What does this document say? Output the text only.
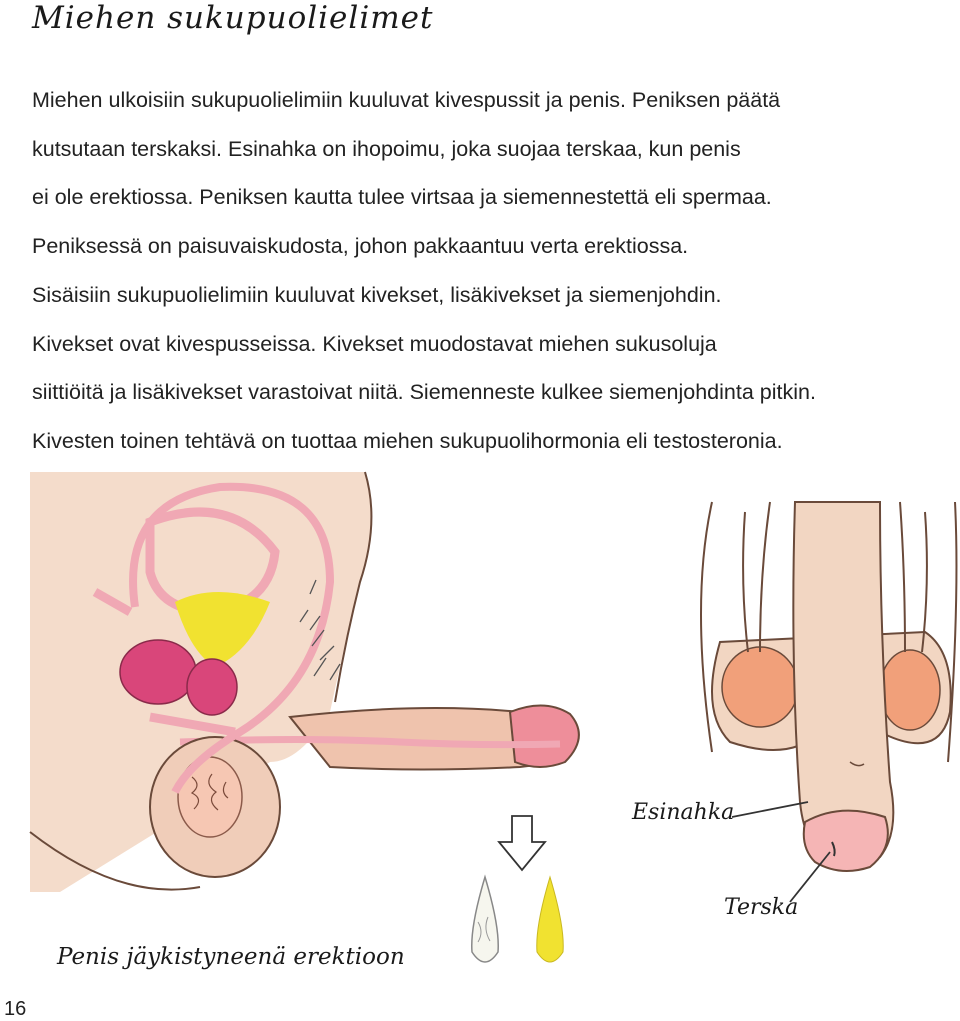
Miehen sukupuolielimet
Miehen ulkoisiin sukupuolielimiin kuuluvat kivespussit ja penis. Peniksen päätä
kutsutaan terskaksi. Esinahka on ihopoimu, joka suojaa terskaa, kun penis
ei ole erektiossa. Peniksen kautta tulee virtsaa ja siemennestettä eli spermaa.
Peniksessä on paisuvaiskudosta, johon pakkaantuu verta erektiossa.
Sisäisiin sukupuolielimiin kuuluvat kivekset, lisäkivekset ja siemenjohdin.
Kivekset ovat kivespusseissa. Kivekset muodostavat miehen sukusoluja
siittiöitä ja lisäkivekset varastoivat niitä. Siemenneste kulkee siemenjohdinta pitkin.
Kivesten toinen tehtävä on tuottaa miehen sukupuolihormonia eli testosteronia.
Esinahka
Terska
Penis jäykistyneenä erektioon
16
